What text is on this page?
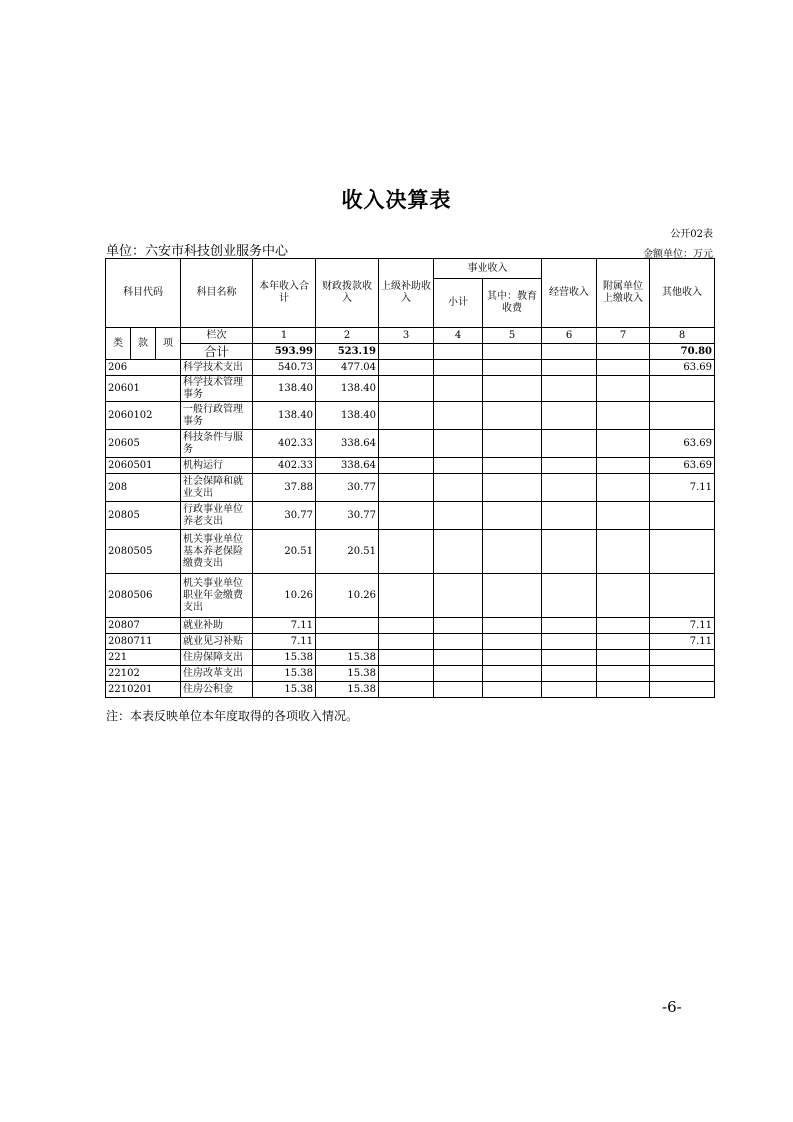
收入决算表
公开02表
单位：六安市科技创业服务中心	金额单位：万元
科目代码			科目名称	本年收入合计	财政拨款收入	上级补助收入	事业收入		经营收入	附属单位上缴收入	其他收入
							小计	其中：教育收费			

类	款	项	栏次	1	2	3	4	5	6	7	8
			合计	593.99	523.19						70.80
206			科学技术支出	540.73	477.04						63.69
20601			科学技术管理事务	138.40	138.40						
2060102			一般行政管理事务	138.40	138.40						
20605			科技条件与服务	402.33	338.64						63.69
2060501			机构运行	402.33	338.64						63.69
208			社会保障和就业支出	37.88	30.77						7.11
20805			行政事业单位养老支出	30.77	30.77						
2080505			机关事业单位基本养老保险缴费支出	20.51	20.51						
2080506			机关事业单位职业年金缴费支出	10.26	10.26						
20807			就业补助	7.11							7.11
2080711			就业见习补贴	7.11							7.11
221			住房保障支出	15.38	15.38						
22102			住房改革支出	15.38	15.38						
2210201			住房公积金	15.38	15.38						
注：本表反映单位本年度取得的各项收入情况。
-6-
